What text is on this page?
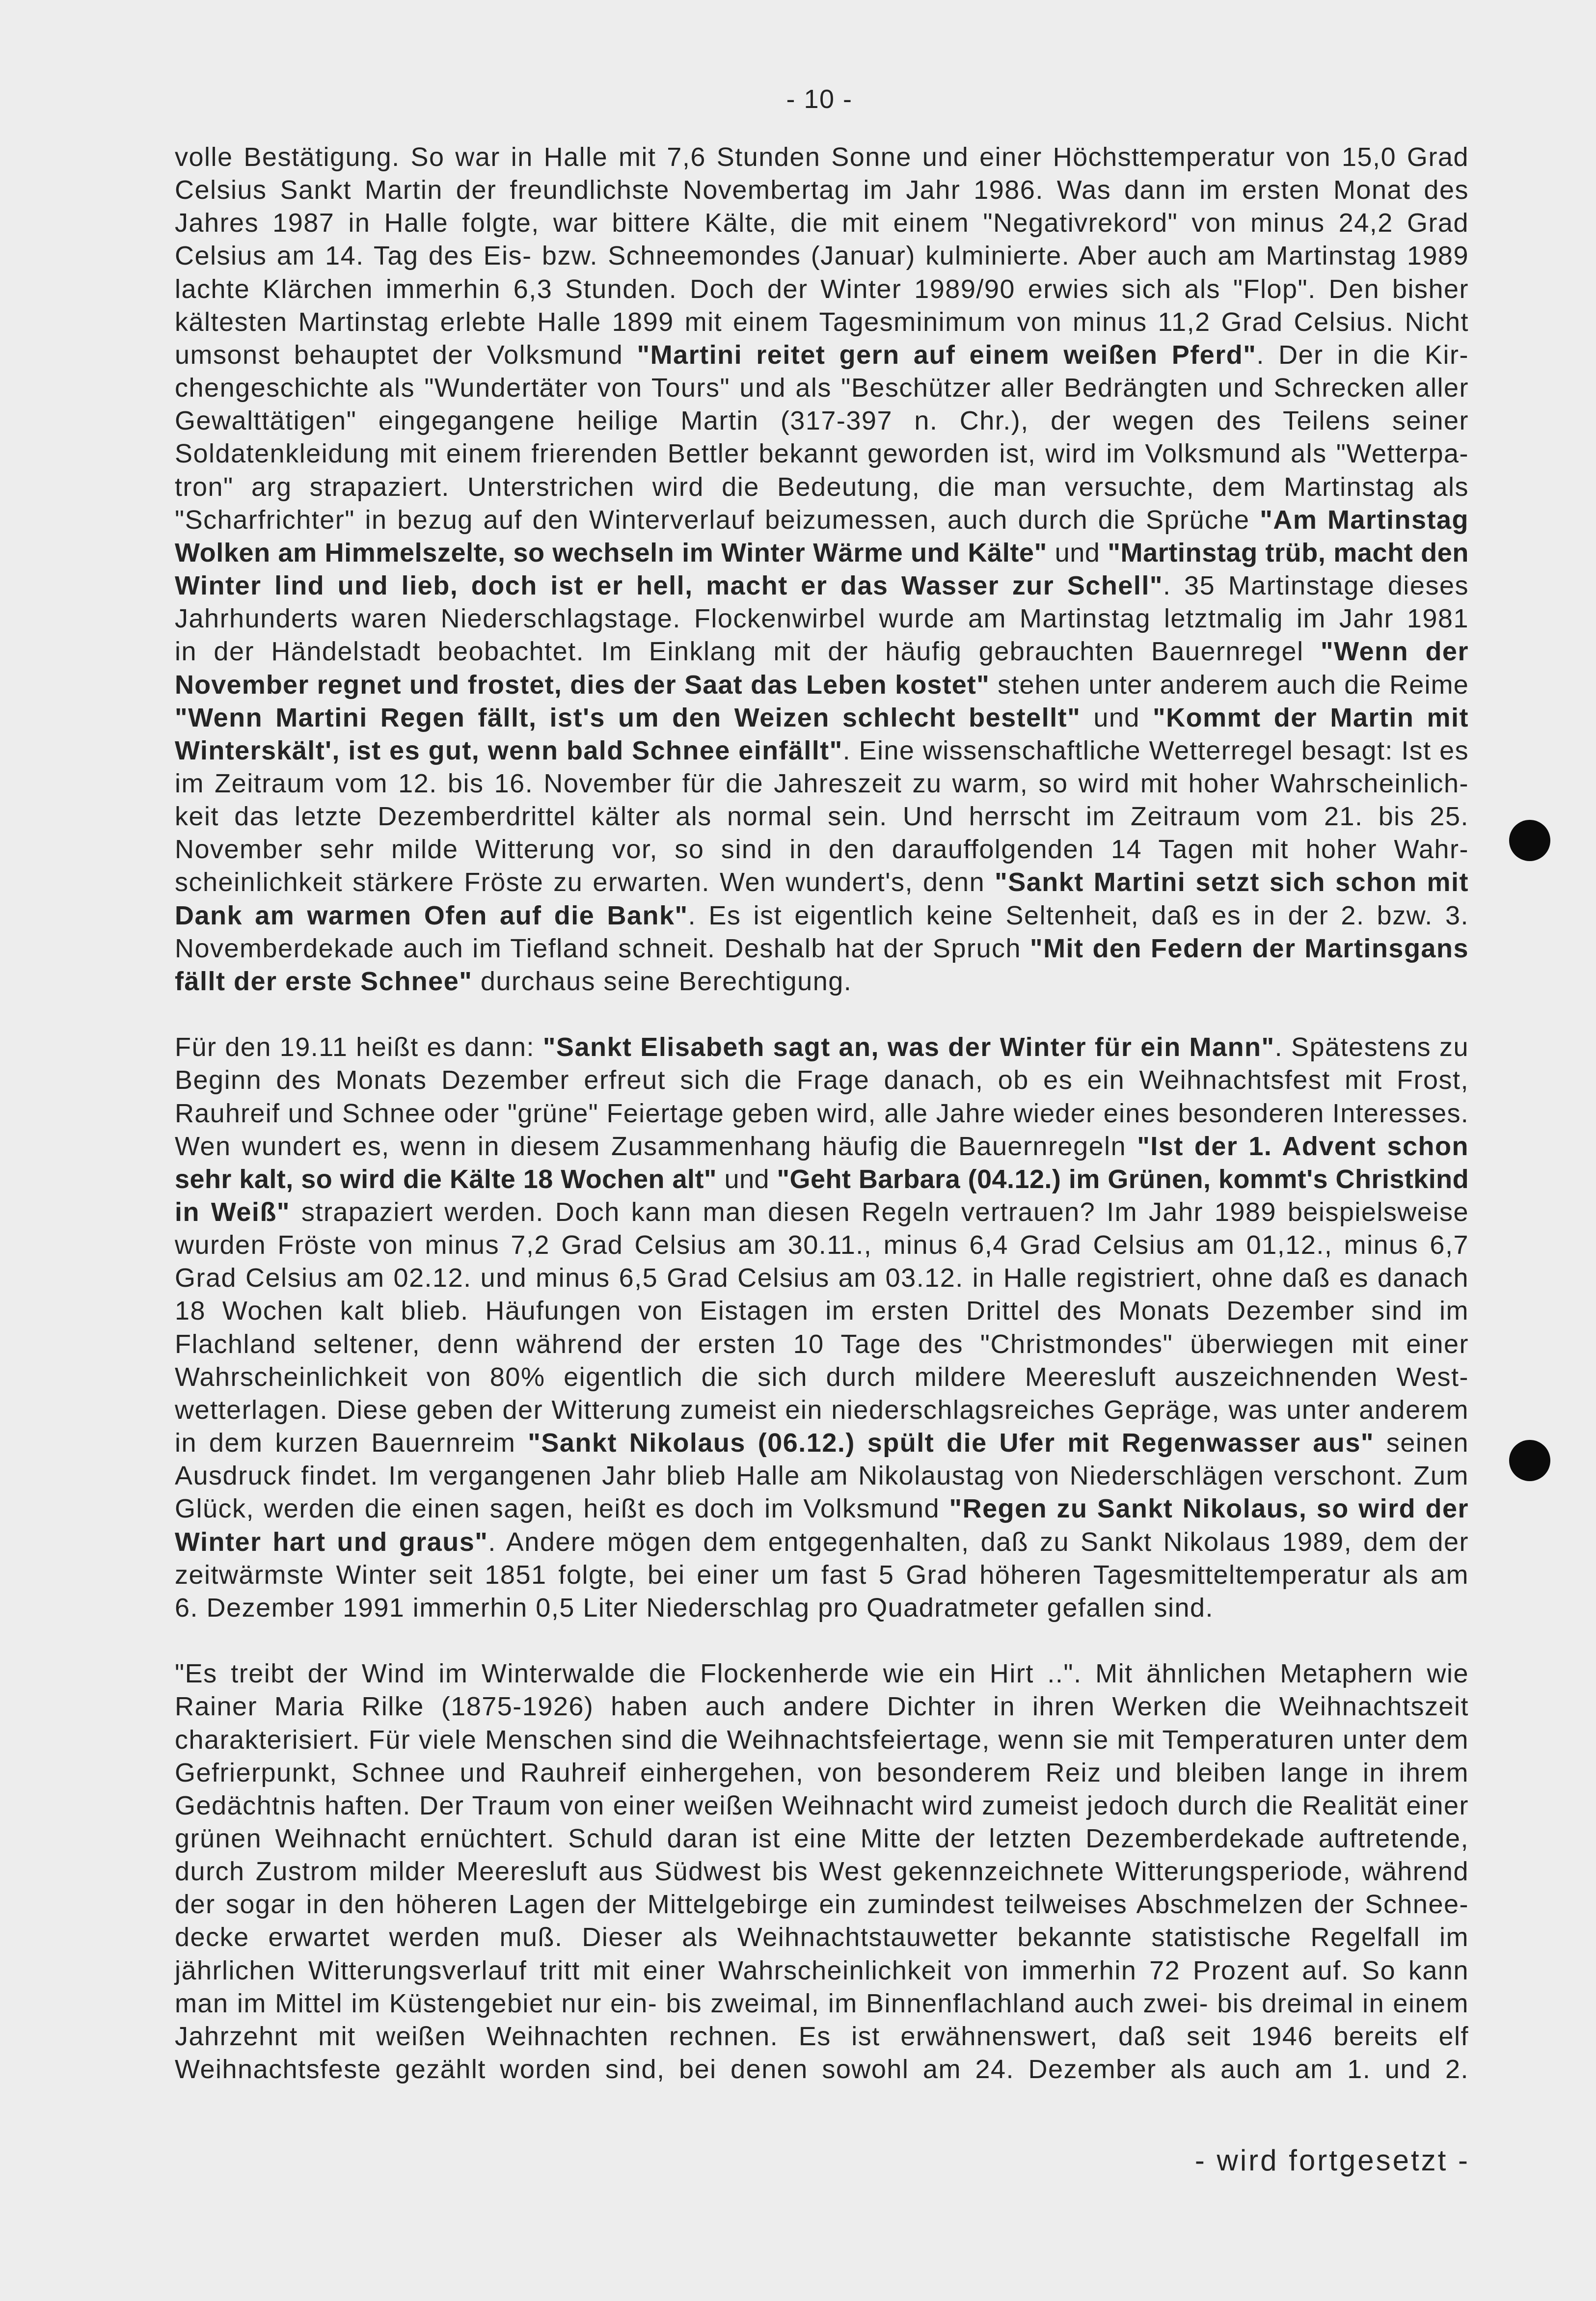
- 10 -
volle Bestätigung. So war in Halle mit 7,6 Stunden Sonne und einer Höchsttemperatur von 15,0 Grad
Celsius Sankt Martin der freundlichste Novembertag im Jahr 1986. Was dann im ersten Monat des
Jahres 1987 in Halle folgte, war bittere Kälte, die mit einem "Negativrekord" von minus 24,2 Grad
Celsius am 14. Tag des Eis- bzw. Schneemondes (Januar) kulminierte. Aber auch am Martinstag 1989
lachte Klärchen immerhin 6,3 Stunden. Doch der Winter 1989/90 erwies sich als "Flop". Den bisher
kältesten Martinstag erlebte Halle 1899 mit einem Tagesminimum von minus 11,2 Grad Celsius. Nicht
umsonst behauptet der Volksmund "Martini reitet gern auf einem weißen Pferd". Der in die Kir-
chengeschichte als "Wundertäter von Tours" und als "Beschützer aller Bedrängten und Schrecken aller
Gewalttätigen" eingegangene heilige Martin (317-397 n. Chr.), der wegen des Teilens seiner
Soldatenkleidung mit einem frierenden Bettler bekannt geworden ist, wird im Volksmund als "Wetterpa-
tron" arg strapaziert. Unterstrichen wird die Bedeutung, die man versuchte, dem Martinstag als
"Scharfrichter" in bezug auf den Winterverlauf beizumessen, auch durch die Sprüche "Am Martinstag
Wolken am Himmelszelte, so wechseln im Winter Wärme und Kälte" und "Martinstag trüb, macht den
Winter lind und lieb, doch ist er hell, macht er das Wasser zur Schell". 35 Martinstage dieses
Jahrhunderts waren Niederschlagstage. Flockenwirbel wurde am Martinstag letztmalig im Jahr 1981
in der Händelstadt beobachtet. Im Einklang mit der häufig gebrauchten Bauernregel "Wenn der
November regnet und frostet, dies der Saat das Leben kostet" stehen unter anderem auch die Reime
"Wenn Martini Regen fällt, ist's um den Weizen schlecht bestellt" und "Kommt der Martin mit
Winterskält', ist es gut, wenn bald Schnee einfällt". Eine wissenschaftliche Wetterregel besagt: Ist es
im Zeitraum vom 12. bis 16. November für die Jahreszeit zu warm, so wird mit hoher Wahrscheinlich-
keit das letzte Dezemberdrittel kälter als normal sein. Und herrscht im Zeitraum vom 21. bis 25.
November sehr milde Witterung vor, so sind in den darauffolgenden 14 Tagen mit hoher Wahr-
scheinlichkeit stärkere Fröste zu erwarten. Wen wundert's, denn "Sankt Martini setzt sich schon mit
Dank am warmen Ofen auf die Bank". Es ist eigentlich keine Seltenheit, daß es in der 2. bzw. 3.
Novemberdekade auch im Tiefland schneit. Deshalb hat der Spruch "Mit den Federn der Martinsgans
fällt der erste Schnee" durchaus seine Berechtigung.
Für den 19.11 heißt es dann: "Sankt Elisabeth sagt an, was der Winter für ein Mann". Spätestens zu
Beginn des Monats Dezember erfreut sich die Frage danach, ob es ein Weihnachtsfest mit Frost,
Rauhreif und Schnee oder "grüne" Feiertage geben wird, alle Jahre wieder eines besonderen Interesses.
Wen wundert es, wenn in diesem Zusammenhang häufig die Bauernregeln "Ist der 1. Advent schon
sehr kalt, so wird die Kälte 18 Wochen alt" und "Geht Barbara (04.12.) im Grünen, kommt's Christkind
in Weiß" strapaziert werden. Doch kann man diesen Regeln vertrauen? Im Jahr 1989 beispielsweise
wurden Fröste von minus 7,2 Grad Celsius am 30.11., minus 6,4 Grad Celsius am 01,12., minus 6,7
Grad Celsius am 02.12. und minus 6,5 Grad Celsius am 03.12. in Halle registriert, ohne daß es danach
18 Wochen kalt blieb. Häufungen von Eistagen im ersten Drittel des Monats Dezember sind im
Flachland seltener, denn während der ersten 10 Tage des "Christmondes" überwiegen mit einer
Wahrscheinlichkeit von 80% eigentlich die sich durch mildere Meeresluft auszeichnenden West-
wetterlagen. Diese geben der Witterung zumeist ein niederschlagsreiches Gepräge, was unter anderem
in dem kurzen Bauernreim "Sankt Nikolaus (06.12.) spült die Ufer mit Regenwasser aus" seinen
Ausdruck findet. Im vergangenen Jahr blieb Halle am Nikolaustag von Niederschlägen verschont. Zum
Glück, werden die einen sagen, heißt es doch im Volksmund "Regen zu Sankt Nikolaus, so wird der
Winter hart und graus". Andere mögen dem entgegenhalten, daß zu Sankt Nikolaus 1989, dem der
zeitwärmste Winter seit 1851 folgte, bei einer um fast 5 Grad höheren Tagesmitteltemperatur als am
6. Dezember 1991 immerhin 0,5 Liter Niederschlag pro Quadratmeter gefallen sind.
"Es treibt der Wind im Winterwalde die Flockenherde wie ein Hirt ..". Mit ähnlichen Metaphern wie
Rainer Maria Rilke (1875-1926) haben auch andere Dichter in ihren Werken die Weihnachtszeit
charakterisiert. Für viele Menschen sind die Weihnachtsfeiertage, wenn sie mit Temperaturen unter dem
Gefrierpunkt, Schnee und Rauhreif einhergehen, von besonderem Reiz und bleiben lange in ihrem
Gedächtnis haften. Der Traum von einer weißen Weihnacht wird zumeist jedoch durch die Realität einer
grünen Weihnacht ernüchtert. Schuld daran ist eine Mitte der letzten Dezemberdekade auftretende,
durch Zustrom milder Meeresluft aus Südwest bis West gekennzeichnete Witterungsperiode, während
der sogar in den höheren Lagen der Mittelgebirge ein zumindest teilweises Abschmelzen der Schnee-
decke erwartet werden muß. Dieser als Weihnachtstauwetter bekannte statistische Regelfall im
jährlichen Witterungsverlauf tritt mit einer Wahrscheinlichkeit von immerhin 72 Prozent auf. So kann
man im Mittel im Küstengebiet nur ein- bis zweimal, im Binnenflachland auch zwei- bis dreimal in einem
Jahrzehnt mit weißen Weihnachten rechnen. Es ist erwähnenswert, daß seit 1946 bereits elf
Weihnachtsfeste gezählt worden sind, bei denen sowohl am 24. Dezember als auch am 1. und 2.
- wird fortgesetzt -
